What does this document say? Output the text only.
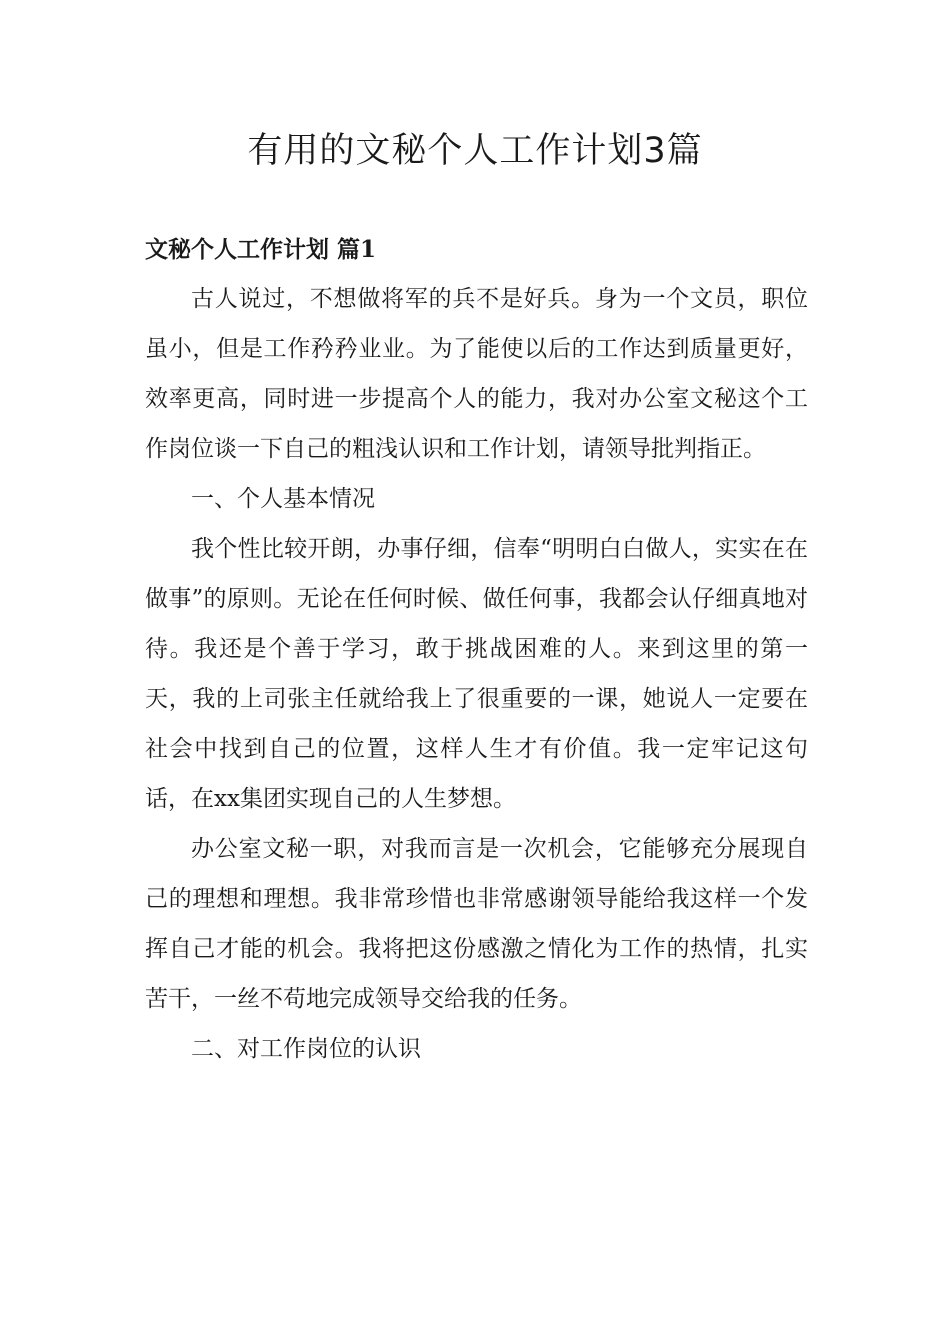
有用的文秘个人工作计划3篇
文秘个人工作计划 篇1

古人说过，不想做将军的兵不是好兵。身为一个文员，职位虽小，但是工作矜矜业业。为了能使以后的工作达到质量更好，效率更高，同时进一步提高个人的能力，我对办公室文秘这个工作岗位谈一下自己的粗浅认识和工作计划，请领导批判指正。

一、个人基本情况

我个性比较开朗，办事仔细，信奉“明明白白做人，实实在在做事”的原则。无论在任何时候、做任何事，我都会认仔细真地对待。我还是个善于学习，敢于挑战困难的人。来到这里的第一天，我的上司张主任就给我上了很重要的一课，她说人一定要在社会中找到自己的位置，这样人生才有价值。我一定牢记这句话，在xx集团实现自己的人生梦想。

办公室文秘一职，对我而言是一次机会，它能够充分展现自己的理想和理想。我非常珍惜也非常感谢领导能给我这样一个发挥自己才能的机会。我将把这份感激之情化为工作的热情，扎实苦干，一丝不苟地完成领导交给我的任务。

二、对工作岗位的认识
